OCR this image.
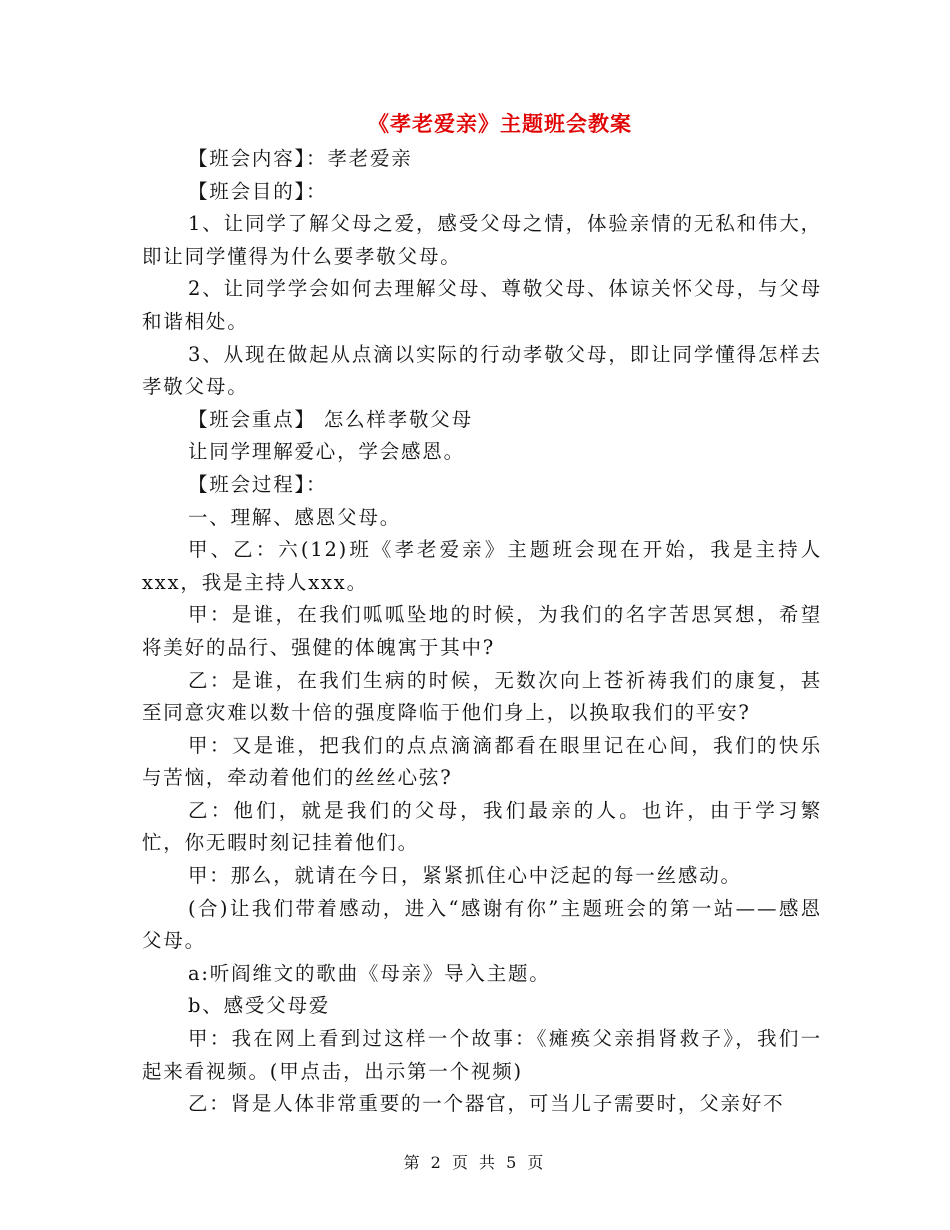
《孝老爱亲》主题班会教案

【班会内容】：孝老爱亲

【班会目的】：

1、让同学了解父母之爱，感受父母之情，体验亲情的无私和伟大，即让同学懂得为什么要孝敬父母。

2、让同学学会如何去理解父母、尊敬父母、体谅关怀父母，与父母和谐相处。

3、从现在做起从点滴以实际的行动孝敬父母，即让同学懂得怎样去孝敬父母。

【班会重点】 怎么样孝敬父母

让同学理解爱心，学会感恩。

【班会过程】：

一、理解、感恩父母。

甲、乙：六(12)班《孝老爱亲》主题班会现在开始，我是主持人xxx，我是主持人xxx。

甲：是谁，在我们呱呱坠地的时候，为我们的名字苦思冥想，希望将美好的品行、强健的体魄寓于其中?

乙：是谁，在我们生病的时候，无数次向上苍祈祷我们的康复，甚至同意灾难以数十倍的强度降临于他们身上，以换取我们的平安?

甲：又是谁，把我们的点点滴滴都看在眼里记在心间，我们的快乐与苦恼，牵动着他们的丝丝心弦?

乙：他们，就是我们的父母，我们最亲的人。也许，由于学习繁忙，你无暇时刻记挂着他们。

甲：那么，就请在今日，紧紧抓住心中泛起的每一丝感动。

(合)让我们带着感动，进入“感谢有你”主题班会的第一站——感恩父母。

a:听阎维文的歌曲《母亲》导入主题。

b、感受父母爱

甲：我在网上看到过这样一个故事：《瘫痪父亲捐肾救子》，我们一起来看视频。(甲点击，出示第一个视频)

乙：肾是人体非常重要的一个器官，可当儿子需要时，父亲好不

第 2 页 共 5 页
